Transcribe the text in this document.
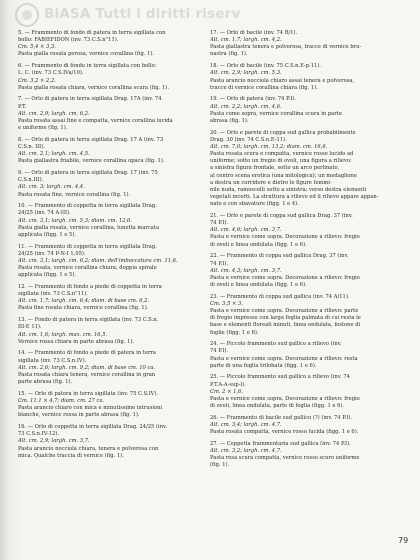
BiASA Tutti i diritti riserv
5. — Frammento di fondo di patera in terra sigillata con
bollo: FABIEFIDON (inv. 73 C.S.n°11).
Cm. 5,4 × 3,3.
Pasta gialla rosata porosa, vernice corallina (fig. 1).
6. — Frammento di fondo in terra sigillata con bollo:
L. C. (inv. 73 C.S.IVa/10).
Cm. 3,2 × 2,2.
Pasta gialla rosata chiara, vernice corallina scura (fig. 1).
7. — Orlo di patera in terra sigillata Drag. 17A (inv. 74
P.T.
Alt. cm. 2,9; largh. cm. 6,2.
Pasta rosata assai fine e compatta, vernice corallina lucida
e uniforme (fig. 1).
8. — Orlo di patera in terra sigillata Drag. 17 A (inv. 73
C.S.n. III).
Alt. cm. 2,1; largh. cm. 4,5.
Pasta giallastra friabile, vernice corallina opaca (fig. 1).
9. — Orlo di patera in terra sigillata Drag. 17 (inv. 75
C.S.n.III).
Alt. cm. 3; largh. cm. 4,4.
Pasta rosata fine, vernice corallina (fig. 1).
10. — Frammento di coppetta in terra sigillata Drag.
24/25 (inv. 74 A-III).
Alt. cm. 3,1; largh. cm. 5,3; diam. cm. 12,6.
Pasta gialla rosata, vernice corallina, lunetta marcata
applicata (figg. 1 e 5).
11. — Frammento di coppetta in terra sigillata Drag.
24/25 (inv. 74 P-N-I 1,05).
Alt. cm. 3,1; largh. cm. 6,2; diam. dell'imboccatura cm. 11,6.
Pasta rosata, vernice corallina chiara; doppia spirale
applicata (figg. 1 e 5).
12. — Frammento di fondo a piede di coppetta in terra
sigillata (inv. 73 C.S.n°11).
Alt. cm. 1,7; largh. cm. 6,4; diam. di base cm. 6,2.
Pasta fine rosata chiara, vernice corallina (fig. 1).
13. — Fondo di patera in terra sigillata (inv. 73 C.S.n.
III-E 11).
Alt. cm. 1,6; largh. max. cm. 16,5.
Vernice rossa chiara in parte abrasa (fig. 1).
14. — Frammento di fondo a piede di patera in terra
sigillata (inv. 73 C.S.n.IV).
Alt. cm. 2,6; largh. cm. 9,2; diam. di base cm. 10 ca.
Pasta rosata chiara tenera, vernice corallina in gran
parte abrasa (fig. 1).
15. — Orlo di patera in terra sigillata (inv. 75 C.S.IV).
Cm. 11,1 × 4,7; diam. cm. 27 ca.
Pasta arancio chiaro con mica e minutissime intrusioni
bianche, vernice rossa in parte abrasa (fig. 1).
16. — Orlo di coppetta in terra sigillata Drag. 24/25 (inv.
73 C.S.n.IV-12).
Alt. cm. 2,9; largh. cm. 3,7.
Pasta arancio nocciola chiara, tenera e polverosa con
mica. Qualche traccia di vernice (fig. 1).
17. — Orlo di bacile (inv. 74 B/1).
Alt. cm. 1,7; largh. cm. 4,2.
Pasta giallastra tenera e polverosa, tracce di vernice bru-
nastra (fig. 1).
18. — Orlo di bacile (inv. 75 C.S.n.E-p.11).
Alt. cm. 2,9; largh. cm. 5,3.
Pasta arancio nocciola chiaro assai tenera e polverosa,
tracce di vernice corallina chiara (fig. 1).
19. — Orlo di patera (inv. 74 P.I).
Alt. cm. 2,2; largh. cm. 4,6.
Pasta come sopra, vernice corallina scura in parte
abrasa (fig. 1).
20. — Orlo e parete di coppa sud gallica probabilmente
Drag. 30 (inv. 74 C.S.n.E-11).
Alt. cm. 7,0; largh. cm. 13,2; diam. cm. 16,6.
Pasta rosata scura e compatta, vernice rosso lucido ad
uniforme; sotto un fregio di ovoli, una figura a rilievo:
a sinistra figura frontale, sotto un arco perlinato,
al centro scena erotica (una mitologica); un medaglione
a destra un corridore e dietro le figure femmi-
nile nuda, ramoscelli sotto a sinistra; verso destra elementi
vegetali incerti. La struttura a rilievo ed il rilievo appare appan-
nato e con sbavature (figg. 1 e 4).
21. — Orlo e parete di coppa sud gallica Drag. 37 (inv.
74 P.I).
Alt. cm. 4,6; largh. cm. 3,7.
Pasta e vernice come sopra. Decorazione a rilievo: fregio
di ovoli e linea ondulata (figg. 1 e 6).
22. — Frammento di coppa sud gallica Drag. 37 (inv.
74 P.I).
Alt. cm. 4,3; largh. cm. 3,7.
Pasta e vernice come sopra. Decorazione a rilievo: fregio
di ovoli e linea ondulata (figg. 1 e 6).
23. — Frammento di coppa sud gallica (inv. 74 A/11).
Cm. 3,5 × 3.
Pasta e vernice come sopra. Decorazione a rilievo: parte
di fregio impresso con larga foglia palmata di cui resta le
base e elementi floreali minuti, linea ondulata, festone di
foglie (figg. 1 e 6).
24. — Piccolo frammento sud gallico a rilievo (inv.
74 P.I).
Pasta e vernice come sopra. Decorazione a rilievo: resta
parte di una foglia trilobata (figg. 1 e 6).
25. — Piccolo frammento sud gallico a rilievo (inv. 74
P.T.A-A-sup-l).
Cm. 2 × 1,6.
Pasta e vernice come sopra. Decorazione a rilievo: fregio
di ovoli, linea ondulata, parte di foglia (figg. 1 e 6).
26. — Frammento di bacile sud gallico (?) (inv. 74 P.I).
Alt. cm. 3,4; largh. cm. 4,7.
Pasta rosata compatta, vernice rosso lucida (figg. 1 e 6).
27. — Coppetta frammentaria sud gallica (inv. 74 P.I).
Alt. cm. 3,2; largh. cm. 4,7.
Pasta rosa scura compatta, vernice rosso scuro uniforme
(fig. 1).
79
